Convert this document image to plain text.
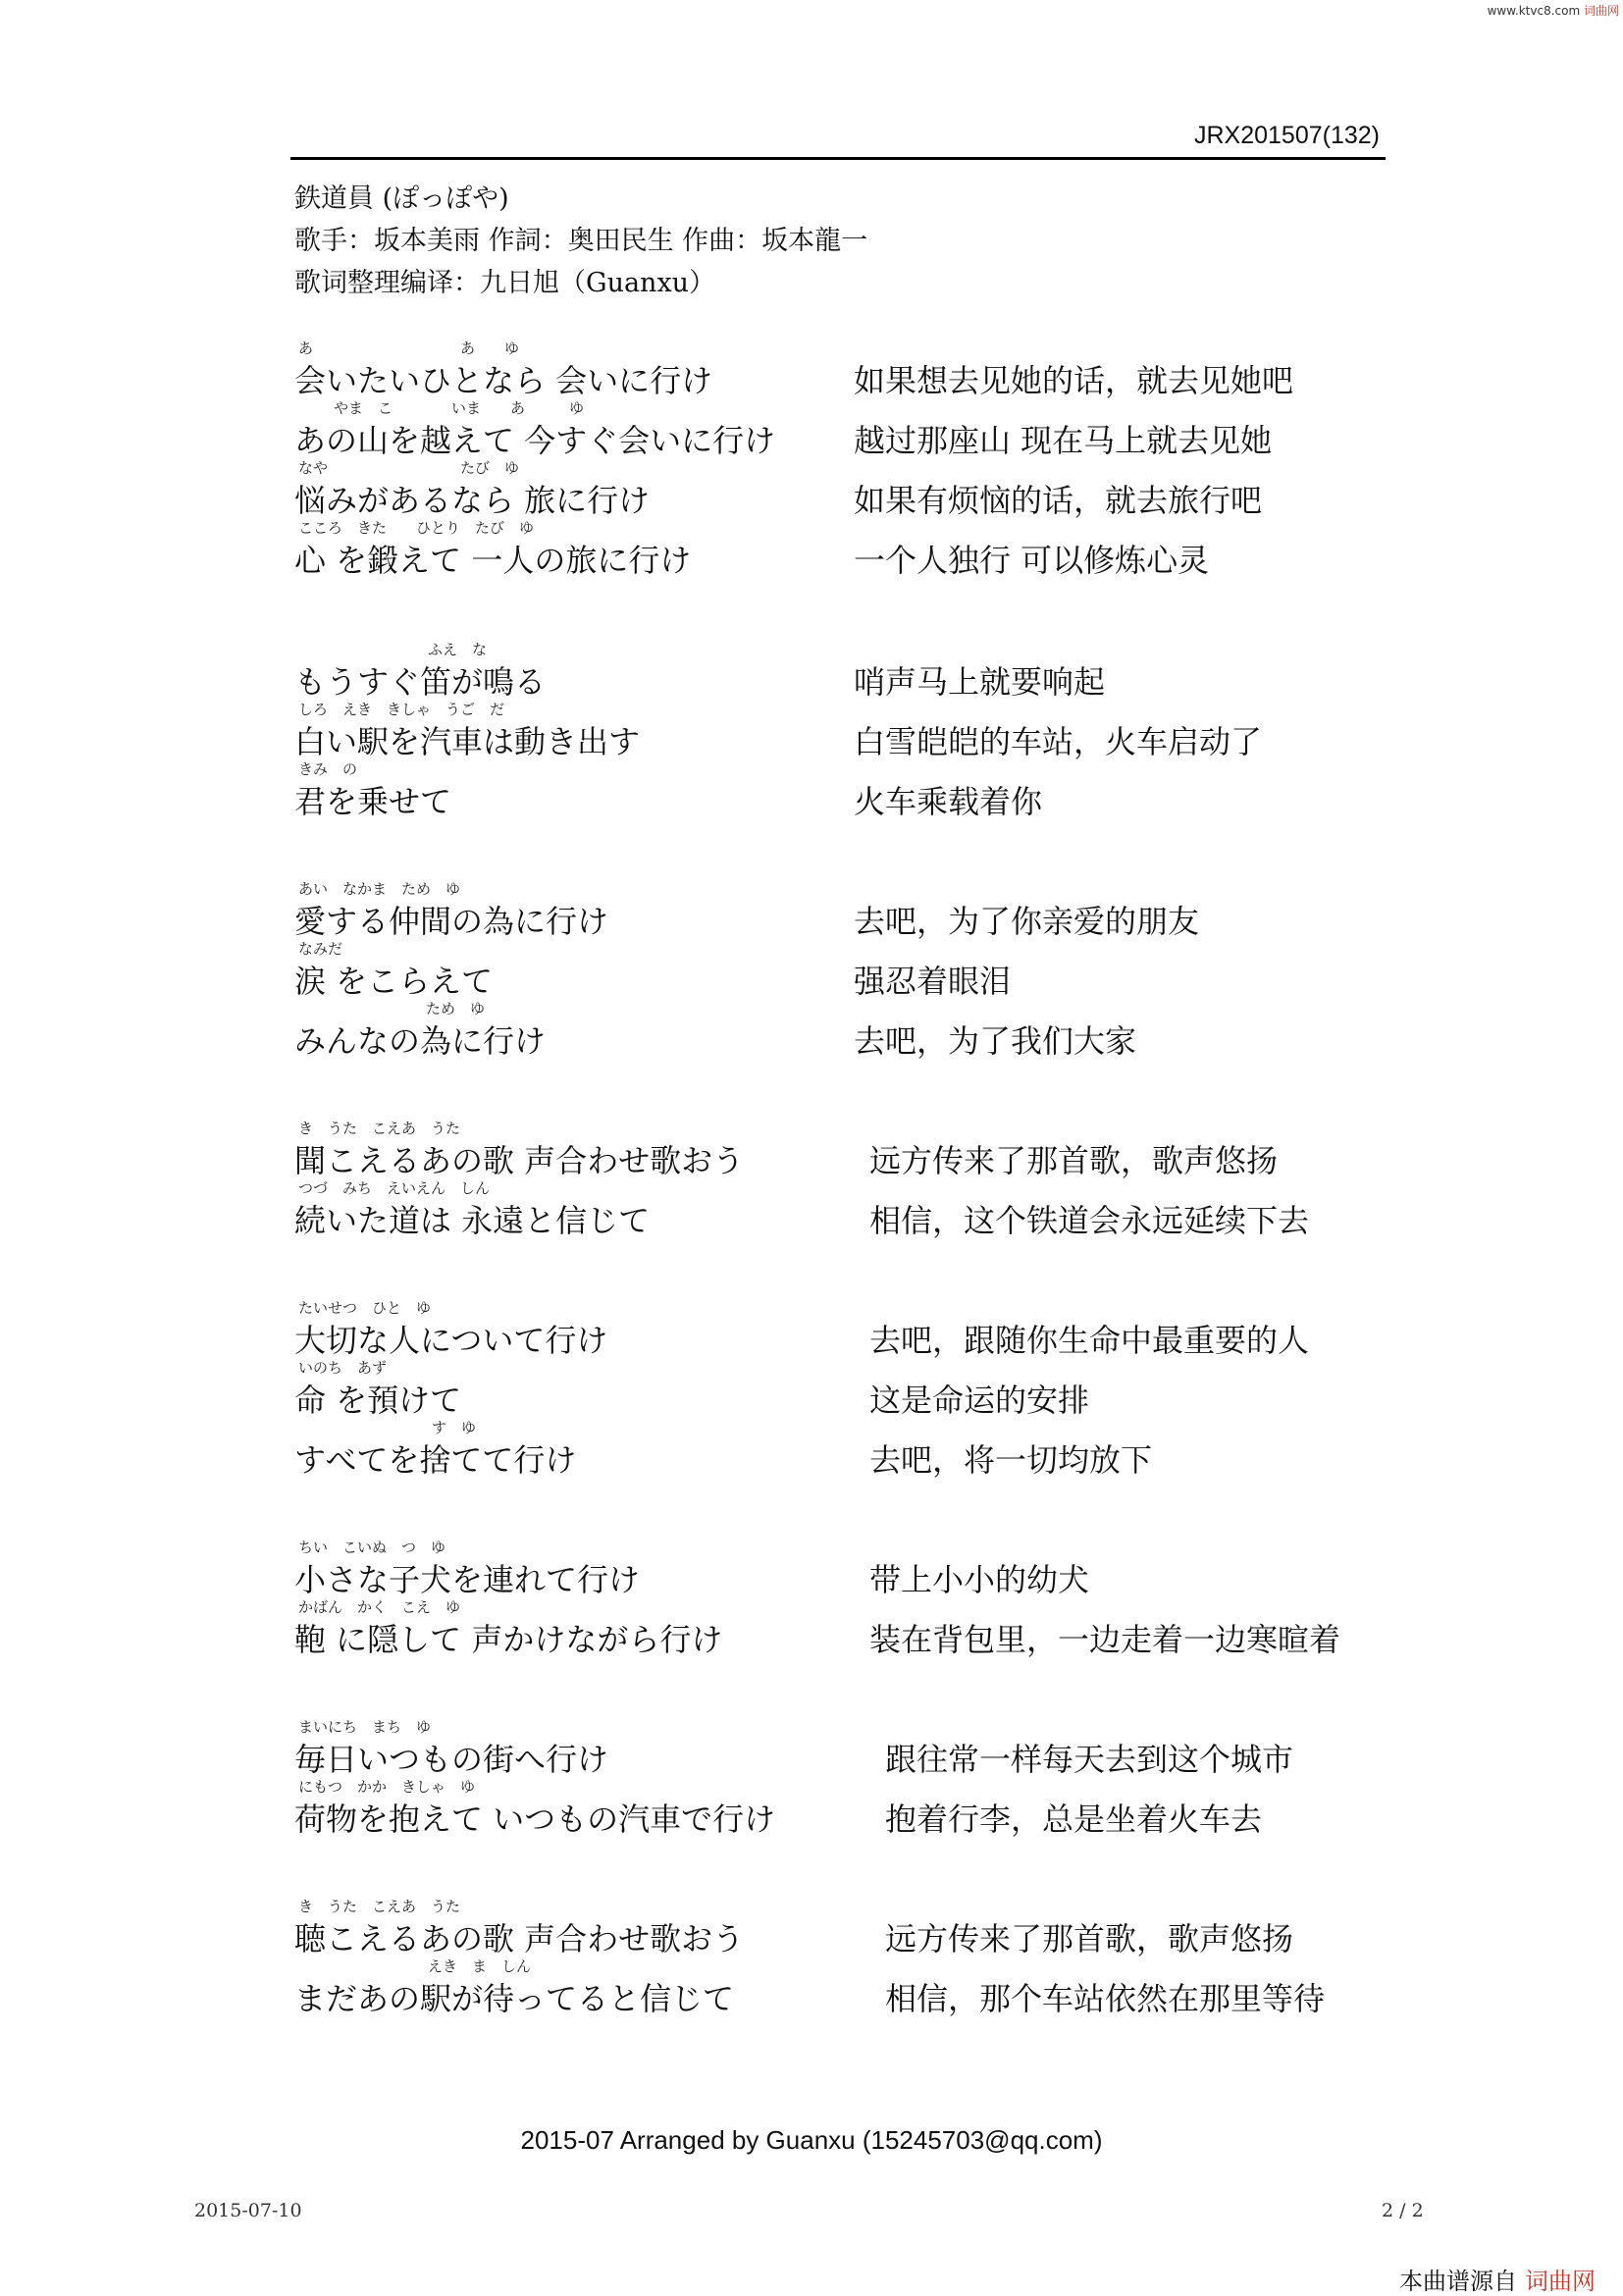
www.ktvc8.com 词曲网
JRX201507(132)
鉄道員 (ぽっぽや)
歌手：坂本美雨 作詞：奥田民生 作曲：坂本龍一
歌词整理编译：九日旭（Guanxu）
あ　　　　　　　　　　あ　　ゆ
会いたいひとなら 会いに行け	如果想去见她的话，就去见她吧
やま　こ　　　　いま　　あ　　　ゆ
あの山を越えて 今すぐ会いに行け 越过那座山 现在马上就去见她
なや　　　　　　　　　たび　ゆ
悩みがあるなら 旅に行け	如果有烦恼的话，就去旅行吧
こころ　きた　　ひとり　たび　ゆ
心 を鍛えて 一人の旅に行け	一个人独行 可以修炼心灵
ふえ　な
もうすぐ笛が鳴る	哨声马上就要响起
しろ　えき　きしゃ　うご　だ
白い駅を汽車は動き出す	白雪皑皑的车站，火车启动了
きみ　の
君を乗せて	火车乘载着你
あい　なかま　ため　ゆ
愛する仲間の為に行け	去吧，为了你亲爱的朋友
なみだ
涙 をこらえて	强忍着眼泪
ため　ゆ
みんなの為に行け	去吧，为了我们大家
き　うた　こえあ　うた
聞こえるあの歌 声合わせ歌おう	远方传来了那首歌，歌声悠扬
つづ　みち　えいえん　しん
続いた道は 永遠と信じて	相信，这个铁道会永远延续下去
たいせつ　ひと　ゆ
大切な人について行け	去吧，跟随你生命中最重要的人
いのち　あず
命 を預けて	这是命运的安排
す　ゆ
すべてを捨てて行け	去吧，将一切均放下
ちい　こいぬ　つ　ゆ
小さな子犬を連れて行け	带上小小的幼犬
かばん　かく　こえ　ゆ
鞄 に隠して 声かけながら行け	装在背包里，一边走着一边寒暄着
まいにち　まち　ゆ
毎日いつもの街へ行け	跟往常一样每天去到这个城市
にもつ　かか　きしゃ　ゆ
荷物を抱えて いつもの汽車で行け	抱着行李，总是坐着火车去
き　うた　こえあ　うた
聴こえるあの歌 声合わせ歌おう	远方传来了那首歌，歌声悠扬
えき　ま　しん
まだあの駅が待ってると信じて	相信，那个车站依然在那里等待
2015-07 Arranged by Guanxu (15245703@qq.com)
2015-07-10	2 / 2
本曲谱源自 词曲网
